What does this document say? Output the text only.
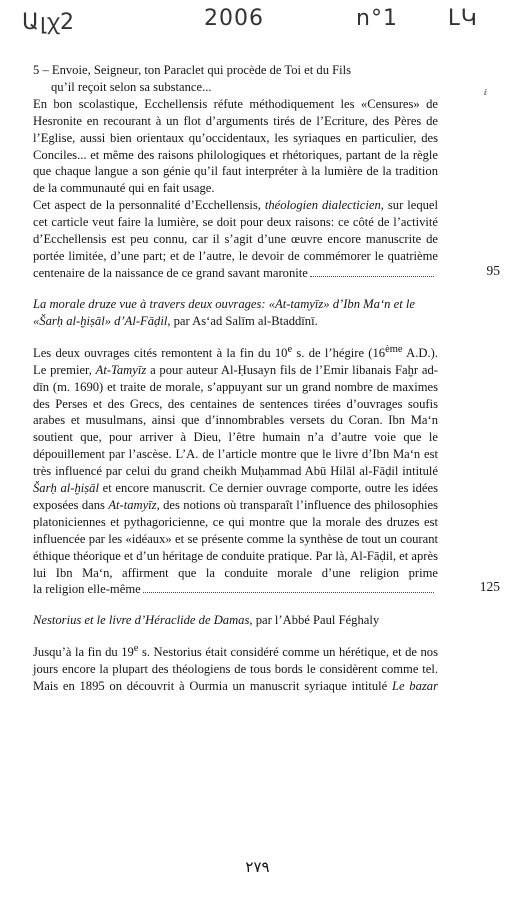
Ալꭓ2	2006	n°1 ԼԿ
ⅈ

5 – Envoie, Seigneur, ton Paraclet qui procède de Toi et du Fils

qu’il reçoit selon sa substance...

En bon scolastique, Ecchellensis réfute méthodiquement les «Censures» de Hesronite en recourant à un flot d’arguments tirés de l’Ecriture, des Pères de l’Eglise, aussi bien orientaux qu’occidentaux, les syriaques en particulier, des Conciles... et même des raisons philologiques et rhétoriques, partant de la règle que chaque langue a son génie qu’il faut interpréter à la lumière de la tradition de la communauté qui en fait usage.

Cet aspect de la personnalité d’Ecchellensis, théologien dialecticien, sur lequel cet carticle veut faire la lumière, se doit pour deux raisons: ce côté de l’activité d’Ecchellensis est peu connu, car il s’agit d’une œuvre encore manuscrite de portée limitée, d’une part; et de l’autre, le devoir de commémorer le quatrième

centenaire de la naissance de ce grand savant maronite	95

La morale druze vue à travers deux ouvrages: «At-tamyīz» d’Ibn Ma‘n et le «Šarḥ al-ḫiṣāl» d’Al-Fāḍil, par As‘ad Salīm al-Btaddīnī.

Les deux ouvrages cités remontent à la fin du 10e s. de l’hégire (16ème A.D.). Le premier, At-Tamyīz a pour auteur Al-Ḥusayn fils de l’Emir libanais Faḫr ad-dīn (m. 1690) et traite de morale, s’appuyant sur un grand nombre de maximes des Perses et des Grecs, des centaines de sentences tirées d’ouvrages soufis arabes et musulmans, ainsi que d’innombrables versets du Coran. Ibn Ma‘n soutient que, pour arriver à Dieu, l’être humain n’a d’autre voie que le dépouillement par l’ascèse. L’A. de l’article montre que le livre d’Ibn Ma‘n est très influencé par celui du grand cheikh Muḥammad Abū Hilāl al-Fāḍil intitulé Šarḥ al-ḫiṣāl et encore manuscrit. Ce dernier ouvrage comporte, outre les idées exposées dans At-tamyīz, des notions où transparaît l’influence des philosophies platoniciennes et pythagoricienne, ce qui montre que la morale des druzes est influencée par les «idéaux» et se présente comme la synthèse de tout un courant éthique théorique et d’un héritage de conduite pratique. Par là, Al-Fāḍil, et après lui Ibn Ma‘n, affirment que la conduite morale d’une religion prime

la religion elle-même	125

Nestorius et le livre d’Héraclide de Damas, par l’Abbé Paul Féghaly

Jusqu’à la fin du 19e s. Nestorius était considéré comme un hérétique, et de nos jours encore la plupart des théologiens de tous bords le considèrent comme tel. Mais en 1895 on découvrit à Ourmia un manuscrit syriaque intitulé Le bazar

٢٧٩
